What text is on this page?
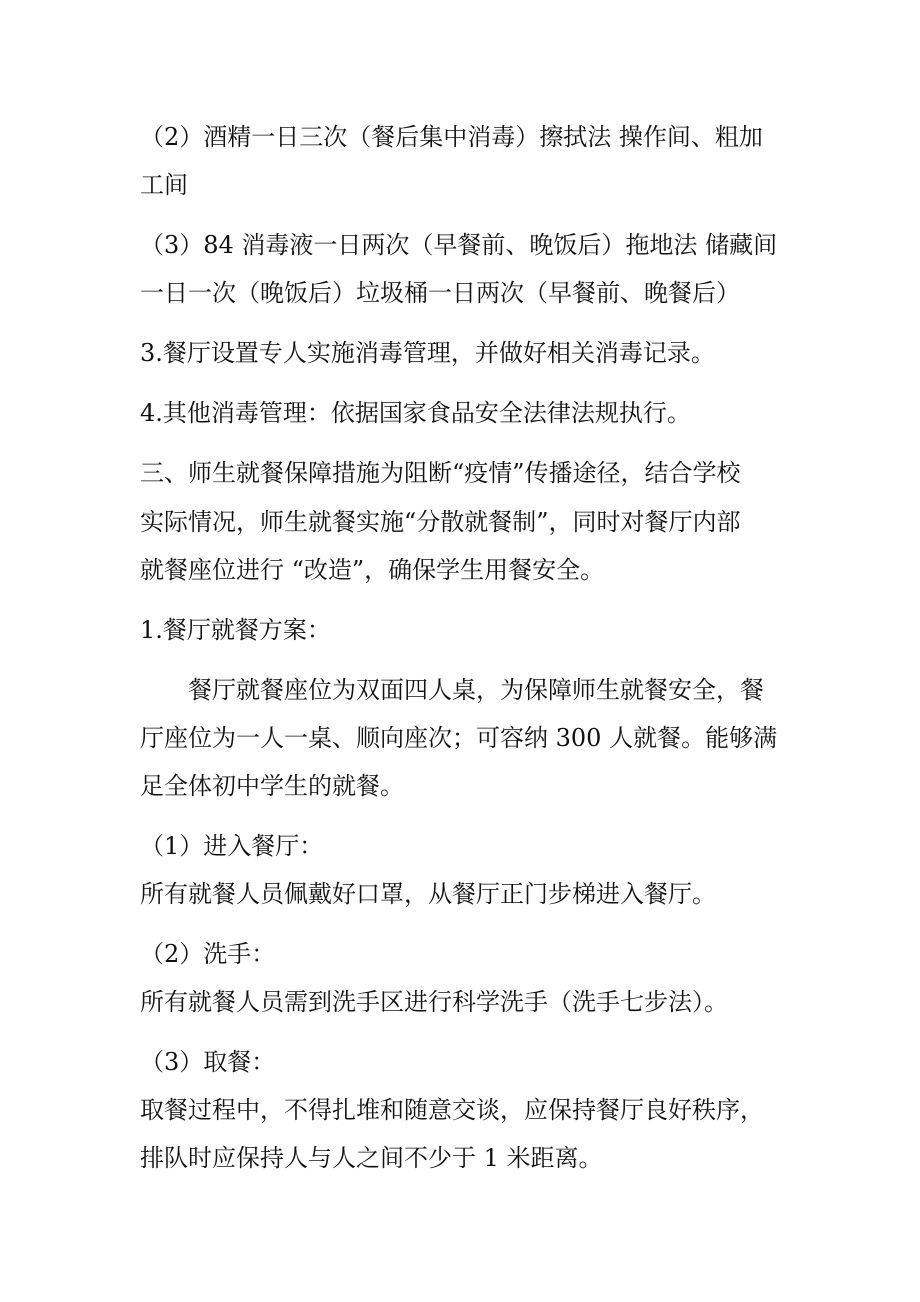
（2）酒精一日三次（餐后集中消毒）擦拭法 操作间、粗加

工间

（3）84 消毒液一日两次（早餐前、晚饭后）拖地法 储藏间

一日一次（晚饭后）垃圾桶一日两次（早餐前、晚餐后）

3.餐厅设置专人实施消毒管理，并做好相关消毒记录。

4.其他消毒管理：依据国家食品安全法律法规执行。

三、师生就餐保障措施为阻断“疫情”传播途径，结合学校

实际情况，师生就餐实施“分散就餐制”，同时对餐厅内部

就餐座位进行 “改造”，确保学生用餐安全。

1.餐厅就餐方案：

餐厅就餐座位为双面四人桌，为保障师生就餐安全，餐

厅座位为一人一桌、顺向座次；可容纳 300 人就餐。能够满

足全体初中学生的就餐。

（1）进入餐厅：

所有就餐人员佩戴好口罩，从餐厅正门步梯进入餐厅。

（2）洗手：

所有就餐人员需到洗手区进行科学洗手（洗手七步法）。

（3）取餐：

取餐过程中，不得扎堆和随意交谈，应保持餐厅良好秩序，

排队时应保持人与人之间不少于 1 米距离。
